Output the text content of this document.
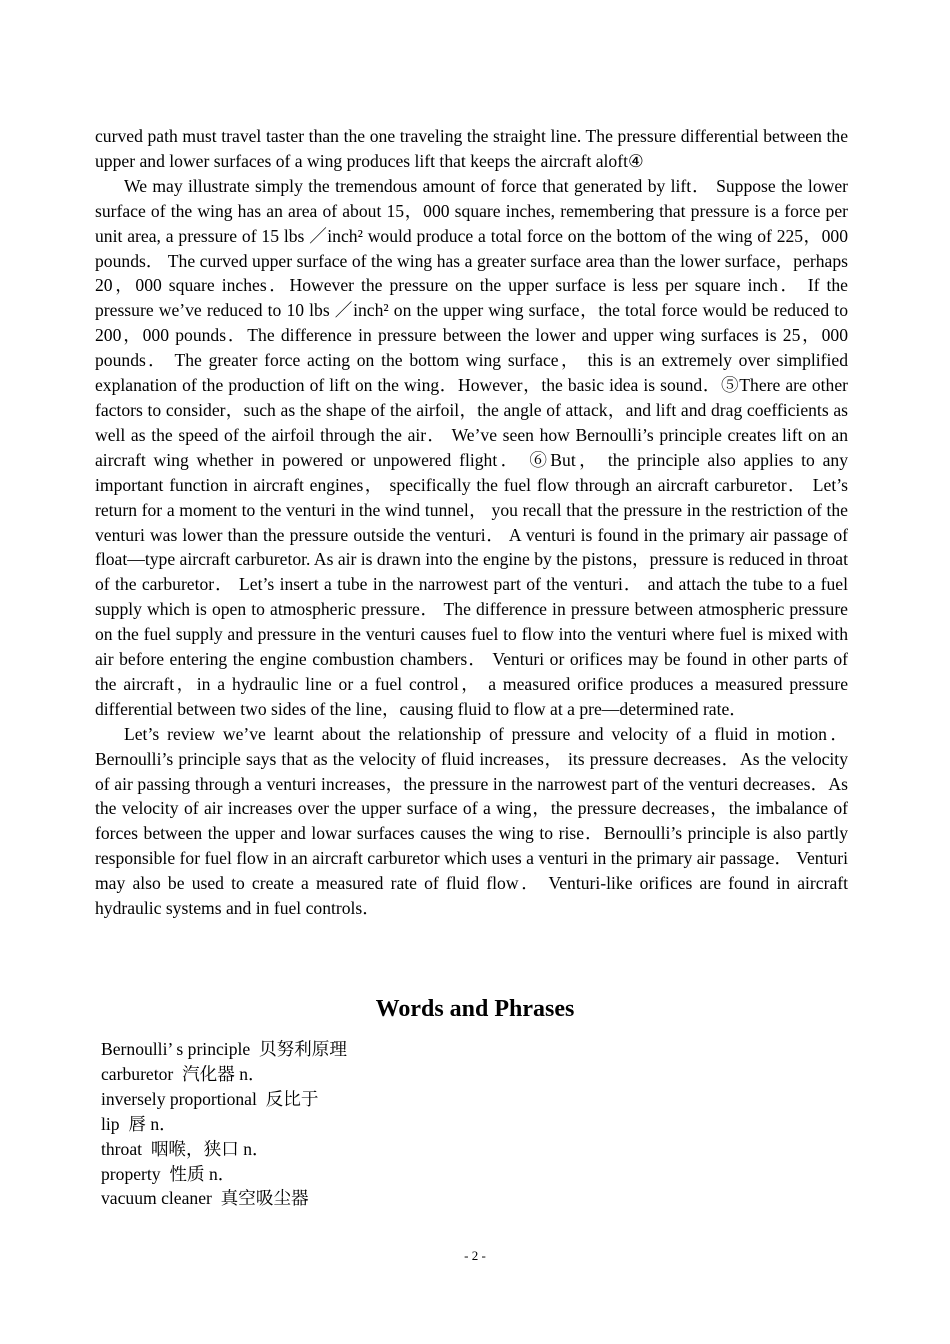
curved path must travel taster than the one traveling the straight line. The pressure differential between the upper and lower surfaces of a wing produces lift that keeps the aircraft aloft④

We may illustrate simply the tremendous amount of force that generated by lift． Suppose the lower surface of the wing has an area of about 15，000 square inches, remembering that pressure is a force per unit area, a pressure of 15 lbs ／inch² would produce a total force on the bottom of the wing of 225，000 pounds． The curved upper surface of the wing has a greater surface area than the lower surface，perhaps 20，000 square inches．However the pressure on the upper surface is less per square inch． If the pressure we’ve reduced to 10 lbs ／inch² on the upper wing surface，the total force would be reduced to 200，000 pounds．The difference in pressure between the lower and upper wing surfaces is 25，000 pounds． The greater force acting on the bottom wing surface， this is an extremely over simplified explanation of the production of lift on the wing．However，the basic idea is sound．⑤There are other factors to consider，such as the shape of the airfoil，the angle of attack，and lift and drag coefficients as well as the speed of the airfoil through the air． We’ve seen how Bernoulli’s principle creates lift on an aircraft wing whether in powered or unpowered flight． ⑥But， the principle also applies to any important function in aircraft engines， specifically the fuel flow through an aircraft carburetor． Let’s return for a moment to the venturi in the wind tunnel， you recall that the pressure in the restriction of the venturi was lower than the pressure outside the venturi． A venturi is found in the primary air passage of float—type aircraft carburetor. As air is drawn into the engine by the pistons，pressure is reduced in throat of the carburetor． Let’s insert a tube in the narrowest part of the venturi． and attach the tube to a fuel supply which is open to atmospheric pressure． The difference in pressure between atmospheric pressure on the fuel supply and pressure in the venturi causes fuel to flow into the venturi where fuel is mixed with air before entering the engine combustion chambers． Venturi or orifices may be found in other parts of the aircraft，in a hydraulic line or a fuel control， a measured orifice produces a measured pressure differential between two sides of the line，causing fluid to flow at a pre—determined rate．

Let’s review we’ve learnt about the relationship of pressure and velocity of a fluid in motion． Bernoulli’s principle says that as the velocity of fluid increases， its pressure decreases．As the velocity of air passing through a venturi increases，the pressure in the narrowest part of the venturi decreases．As the velocity of air increases over the upper surface of a wing，the pressure decreases，the imbalance of forces between the upper and lowar surfaces causes the wing to rise．Bernoulli’s principle is also partly responsible for fuel flow in an aircraft carburetor which uses a venturi in the primary air passage． Venturi may also be used to create a measured rate of fluid flow． Venturi-like orifices are found in aircraft hydraulic systems and in fuel controls．

Words and Phrases
Bernoulli’ s principle  贝努利原理
carburetor  汽化器 n．
inversely proportional  反比于
lip  唇 n．
throat  咽喉，狭口 n．
property  性质 n．
vacuum cleaner  真空吸尘器
- 2 -
